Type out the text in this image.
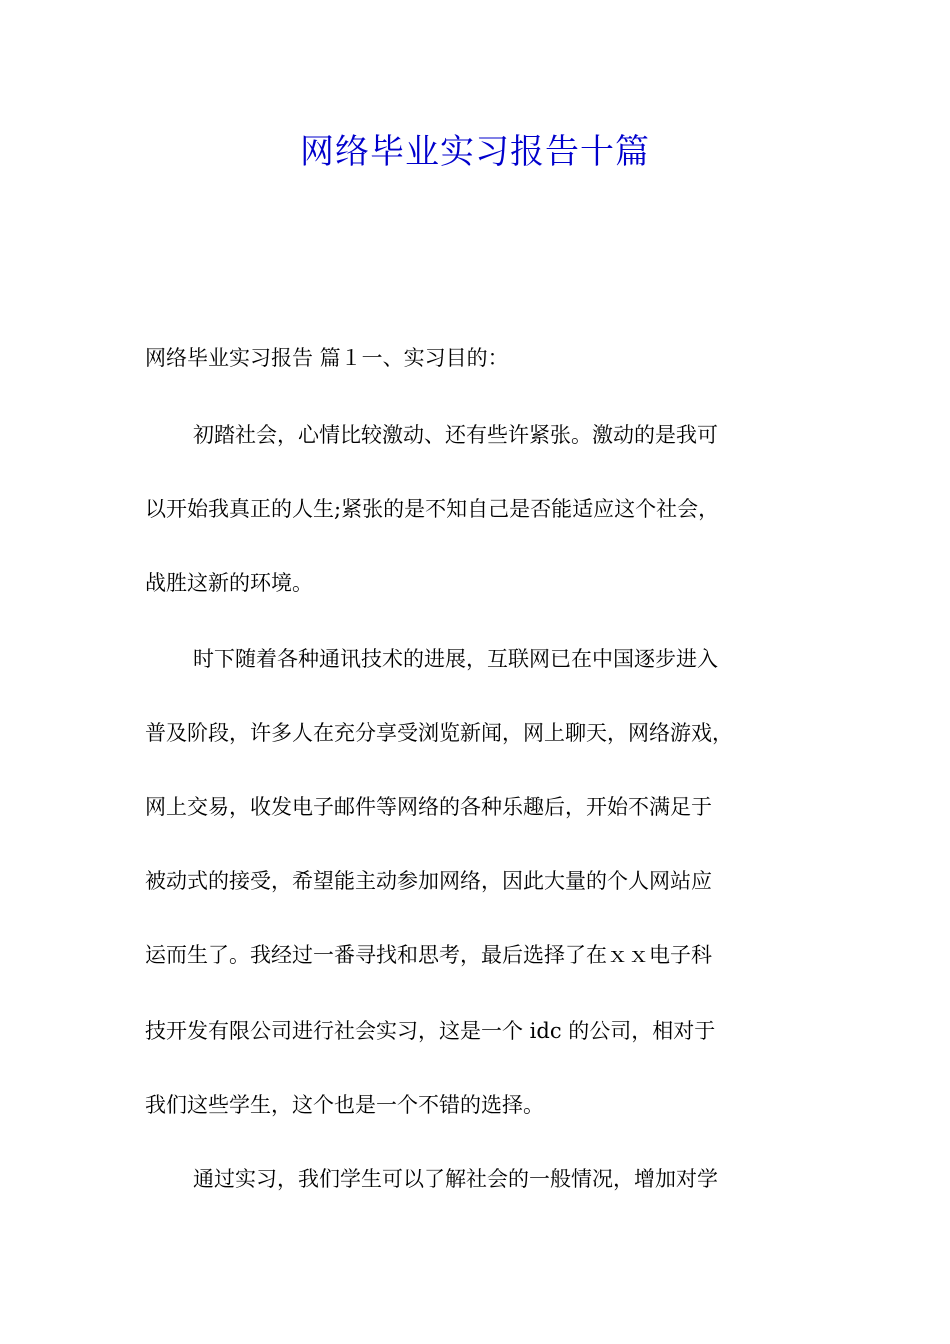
网络毕业实习报告十篇
网络毕业实习报告 篇１一、实习目的：
初踏社会，心情比较激动、还有些许紧张。激动的是我可
以开始我真正的人生;紧张的是不知自己是否能适应这个社会，
战胜这新的环境。
时下随着各种通讯技术的进展，互联网已在中国逐步进入
普及阶段，许多人在充分享受浏览新闻，网上聊天，网络游戏，
网上交易，收发电子邮件等网络的各种乐趣后，开始不满足于
被动式的接受，希望能主动参加网络，因此大量的个人网站应
运而生了。我经过一番寻找和思考，最后选择了在ｘｘ电子科
技开发有限公司进行社会实习，这是一个 idc 的公司，相对于
我们这些学生，这个也是一个不错的选择。
通过实习，我们学生可以了解社会的一般情况，增加对学
